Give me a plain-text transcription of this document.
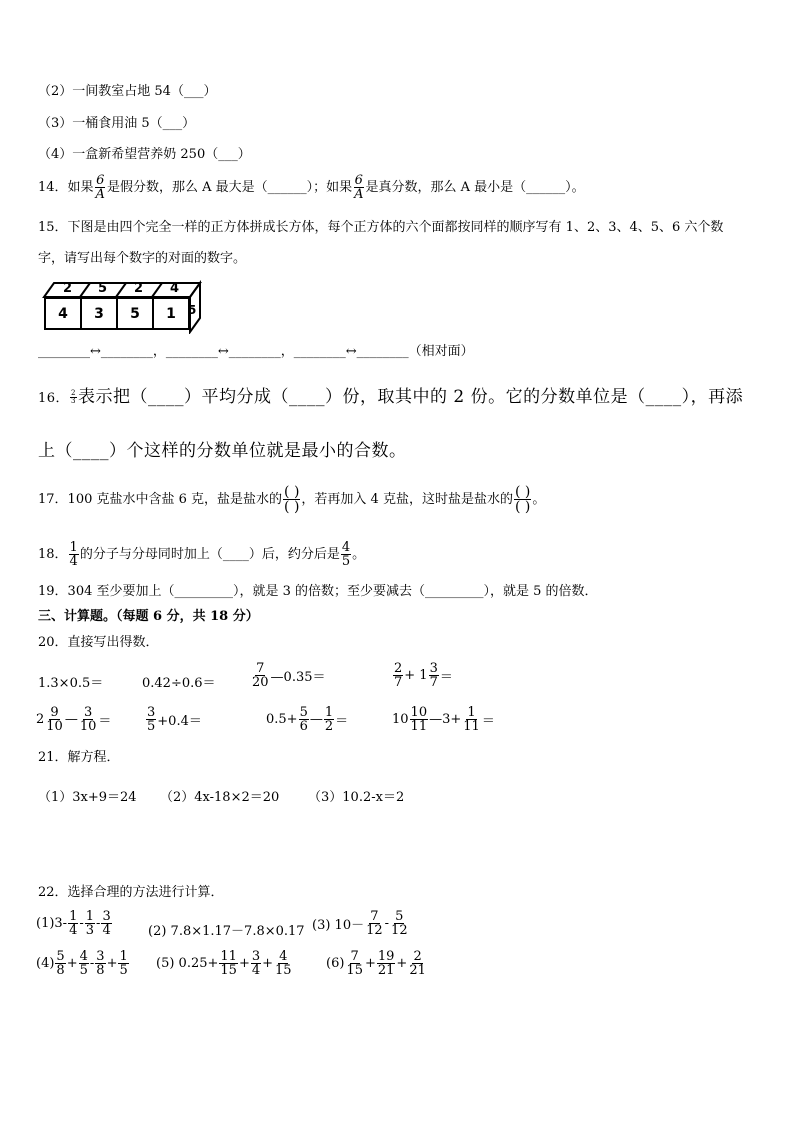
（2）一间教室占地 54（___）
（3）一桶食用油 5（___）
（4）一盒新希望营养奶 250（___）
14．如果 $\frac{6}{A}$ 是假分数，那么 A 最大是（______）；如果 $\frac{6}{A}$ 是真分数，那么 A 最小是（______）。
15．下图是由四个完全一样的正方体拼成长方体，每个正方体的六个面都按同样的顺序写有 1、2、3、4、5、6 六个数
字，请写出每个数字的对面的数字。
4	3	5	1
2 5 2 4
5
________↔________，________↔________，________↔________（相对面）
16． $\frac{2}{3}$ 表示把（____）平均分成（____）份，取其中的 2 份。它的分数单位是（____），再添
上（____）个这样的分数单位就是最小的合数。
17．100 克盐水中含盐 6 克，盐是盐水的 $\frac{( )}{( )}$ ，若再加入 4 克盐，这时盐是盐水的 $\frac{( )}{( )}$ 。
18． $\frac{1}{4}$ 的分子与分母同时加上（____）后，约分后是 $\frac{4}{5}$ 。
19．304 至少要加上（_________），就是 3 的倍数；至少要减去（_________），就是 5 的倍数．
三、计算题。（每题 6 分，共 18 分）
20．直接写出得数．
1.3×0.5＝	0.42÷0.6＝	$\frac{7}{20}$ —0.35＝	$\frac{2}{7} + 1 \frac{3}{7}$ ＝
$2 \frac{9}{10}$ — $\frac{3}{10}$ ＝	$\frac{3}{5} +0.4=$	$0.5+ \frac{5}{6}$ — $\frac{1}{2}$ ＝	$10 \frac{10}{11}$ —3+ $\frac{1}{11}$ ＝
21．解方程．
（1）3x+9＝24 （2）4x-18×2＝20 （3）10.2-x＝2
22．选择合理的方法进行计算．
$(1)3- \frac{1}{4} - \frac{1}{3} - \frac{3}{4}$	(2) 7.8×1.17－7.8×0.17 (3) $10- \frac{7}{12} - \frac{5}{12}$
$(4) \frac{5}{8} + \frac{4}{5} - \frac{3}{8} + \frac{1}{5} (5)$ $0.25+ \frac{11}{15} + \frac{3}{4} + \frac{4}{15}$	$(6) \frac{7}{15} + \frac{19}{21} + \frac{2}{21}$
